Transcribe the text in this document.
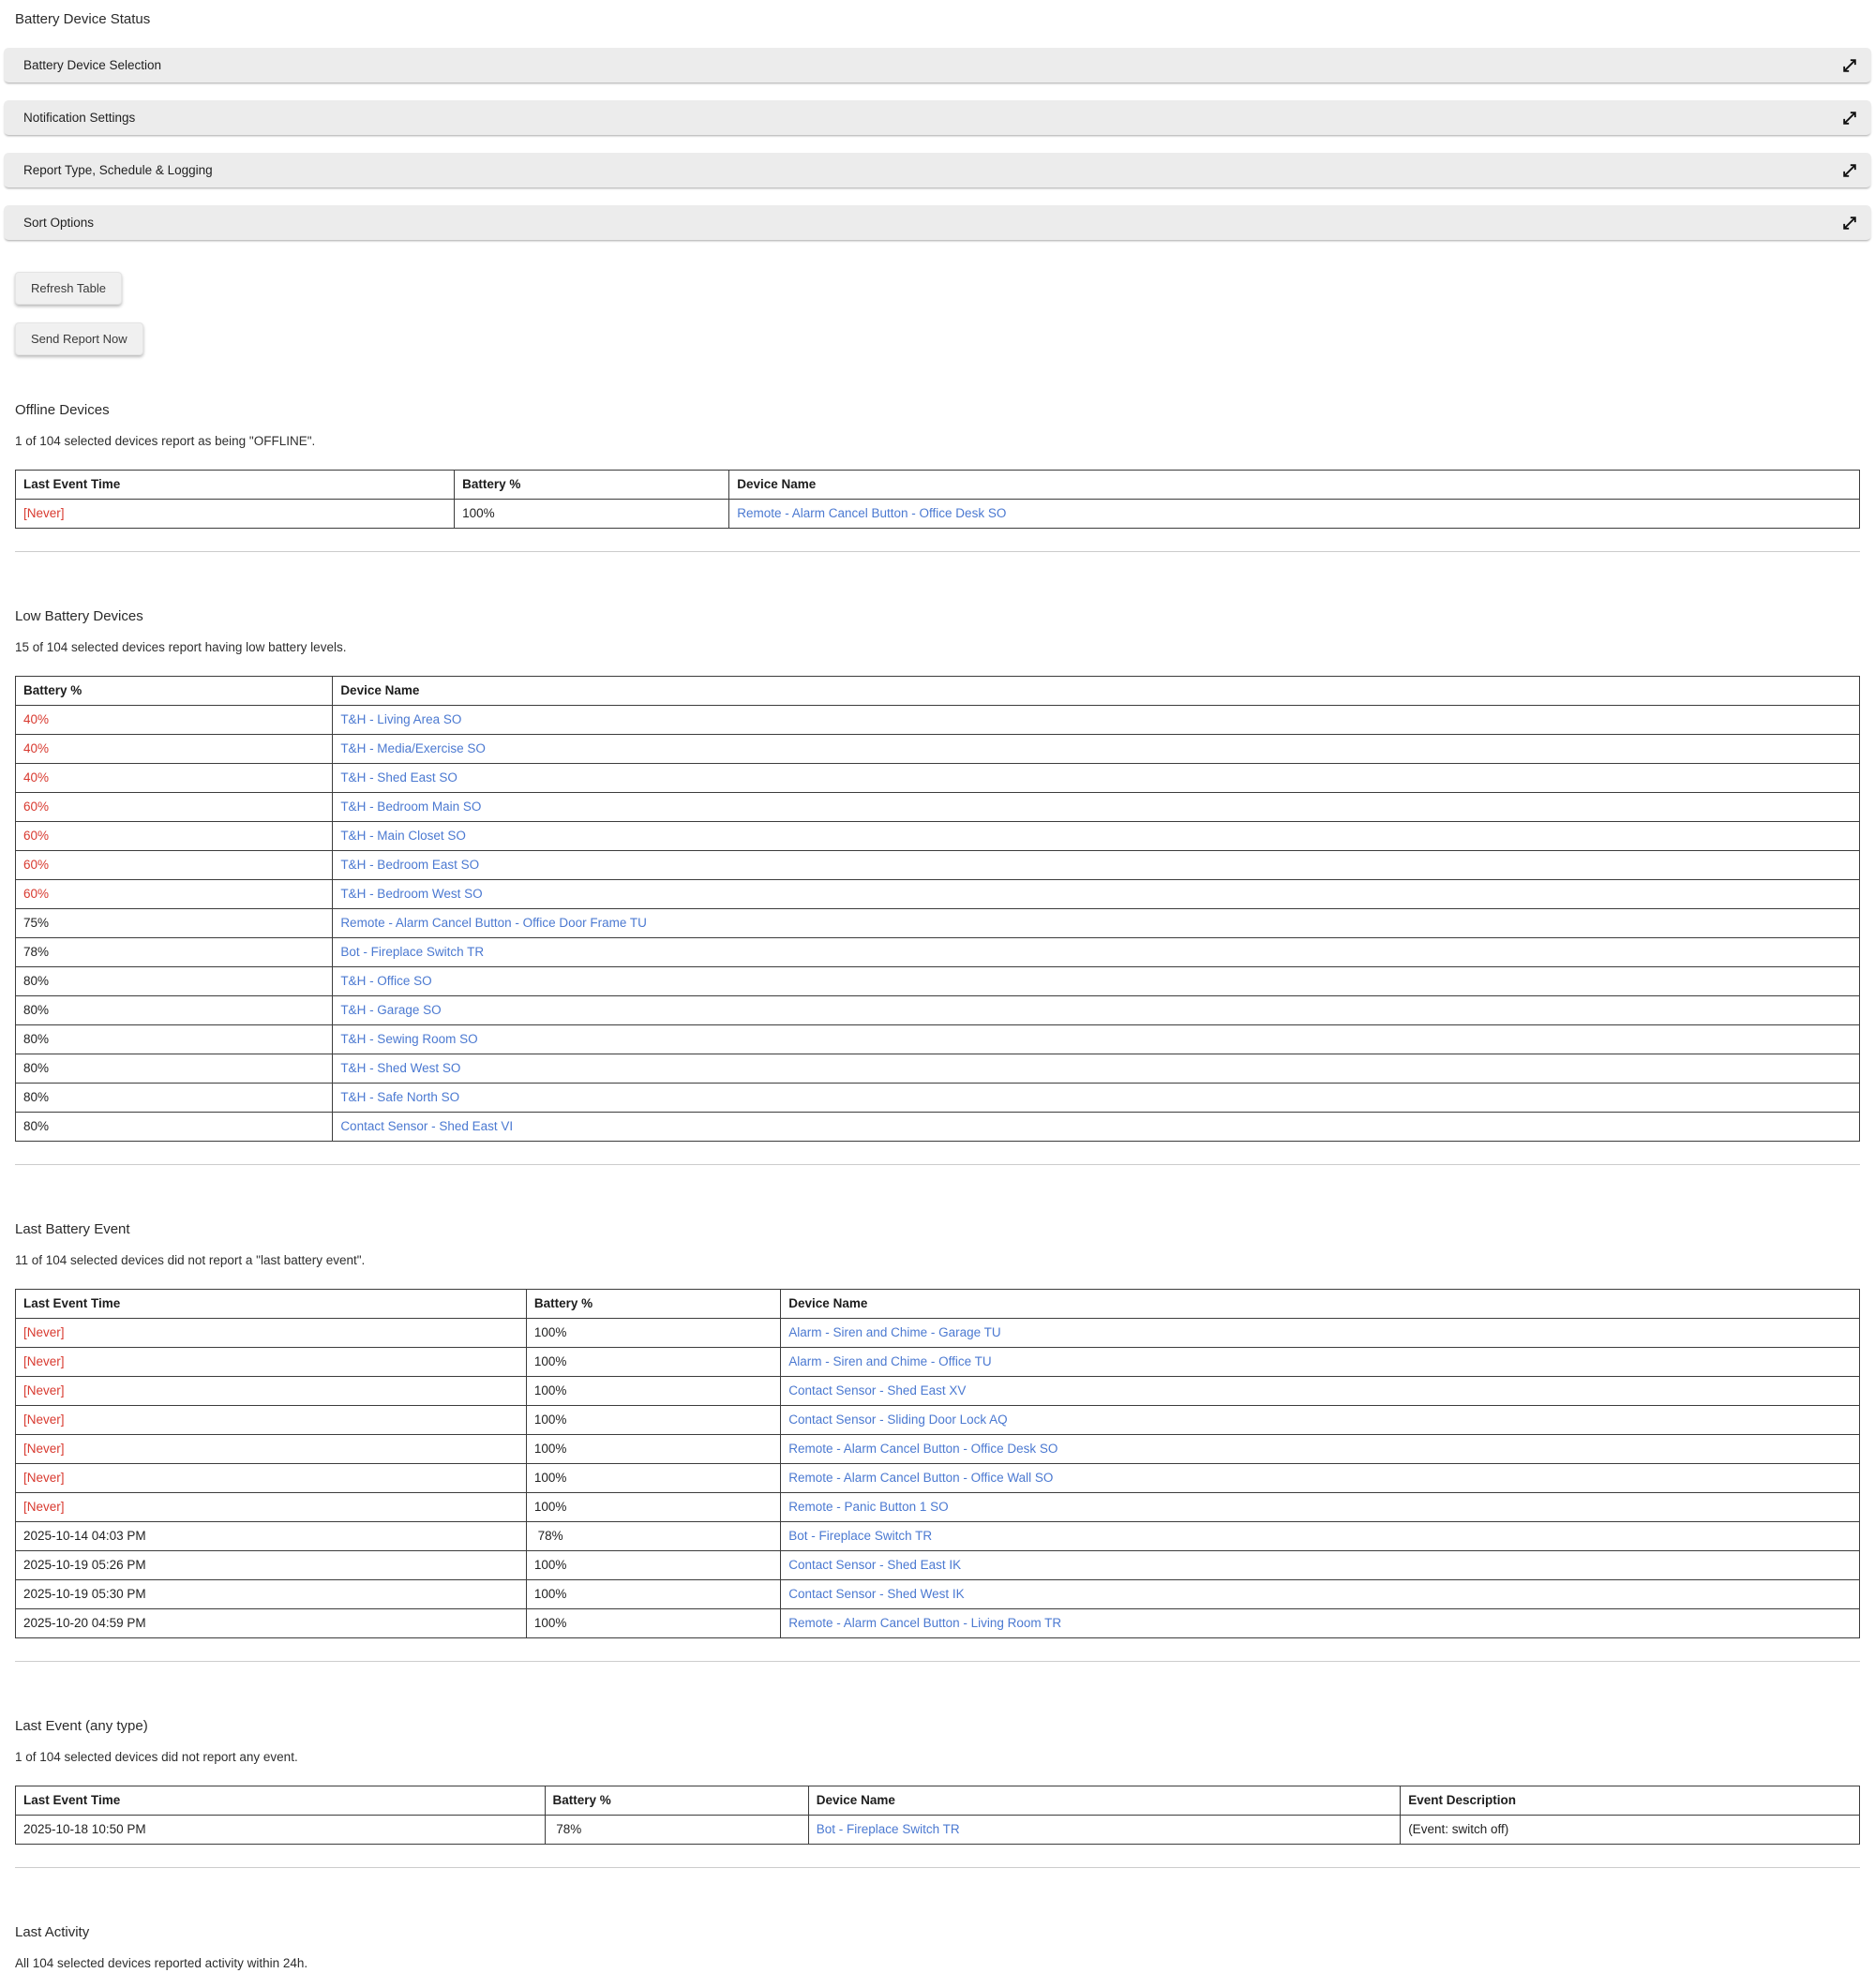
Battery Device Status
Battery Device Selection
Notification Settings
Report Type, Schedule & Logging
Sort Options
Refresh Table
Send Report Now
Offline Devices
1 of 104 selected devices report as being "OFFLINE".
Last Event Time	Battery %	Device Name
[Never]	100%	Remote - Alarm Cancel Button - Office Desk SO
Low Battery Devices
15 of 104 selected devices report having low battery levels.
Battery %	Device Name
40%	T&H - Living Area SO
40%	T&H - Media/Exercise SO
40%	T&H - Shed East SO
60%	T&H - Bedroom Main SO
60%	T&H - Main Closet SO
60%	T&H - Bedroom East SO
60%	T&H - Bedroom West SO
75%	Remote - Alarm Cancel Button - Office Door Frame TU
78%	Bot - Fireplace Switch TR
80%	T&H - Office SO
80%	T&H - Garage SO
80%	T&H - Sewing Room SO
80%	T&H - Shed West SO
80%	T&H - Safe North SO
80%	Contact Sensor - Shed East VI
Last Battery Event
11 of 104 selected devices did not report a "last battery event".
Last Event Time	Battery %	Device Name
[Never]	100%	Alarm - Siren and Chime - Garage TU
[Never]	100%	Alarm - Siren and Chime - Office TU
[Never]	100%	Contact Sensor - Shed East XV
[Never]	100%	Contact Sensor - Sliding Door Lock AQ
[Never]	100%	Remote - Alarm Cancel Button - Office Desk SO
[Never]	100%	Remote - Alarm Cancel Button - Office Wall SO
[Never]	100%	Remote - Panic Button 1 SO
2025-10-14 04:03 PM	78%	Bot - Fireplace Switch TR
2025-10-19 05:26 PM	100%	Contact Sensor - Shed East IK
2025-10-19 05:30 PM	100%	Contact Sensor - Shed West IK
2025-10-20 04:59 PM	100%	Remote - Alarm Cancel Button - Living Room TR
Last Event (any type)
1 of 104 selected devices did not report any event.
Last Event Time	Battery %	Device Name	Event Description
2025-10-18 10:50 PM	78%	Bot - Fireplace Switch TR	(Event: switch off)
Last Activity
All 104 selected devices reported activity within 24h.
